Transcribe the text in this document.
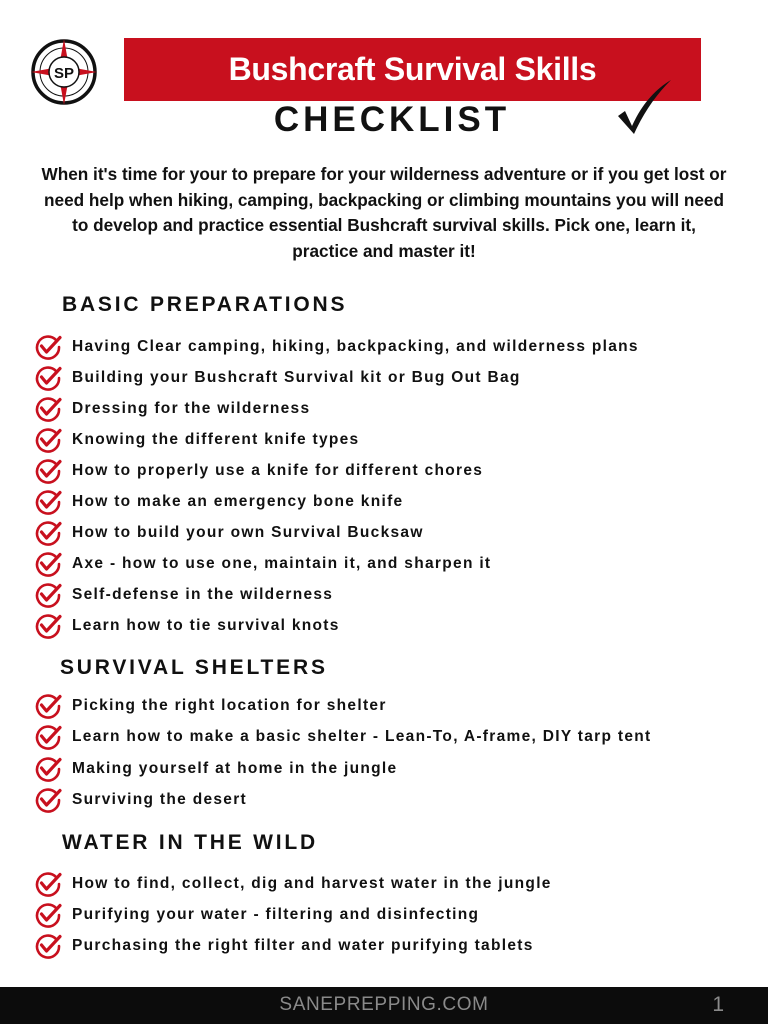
SP	Bushcraft Survival Skills
CHECKLIST
When it's time for your to prepare for your wilderness adventure or if you get lost or need help when hiking, camping, backpacking or climbing mountains you will need to develop and practice essential Bushcraft survival skills. Pick one, learn it, practice and master it!
BASIC PREPARATIONS
SURVIVAL SHELTERS
WATER IN THE WILD
Having Clear camping, hiking, backpacking, and wilderness plans
Building your Bushcraft Survival kit or Bug Out Bag
Dressing for the wilderness
Knowing the different knife types
How to properly use a knife for different chores
How to make an emergency bone knife
How to build your own Survival Bucksaw
Axe - how to use one, maintain it, and sharpen it
Self-defense in the wilderness
Learn how to tie survival knots
Picking the right location for shelter
Learn how to make a basic shelter - Lean-To, A-frame, DIY tarp tent
Making yourself at home in the jungle
Surviving the desert
How to find, collect, dig and harvest water in the jungle
Purifying your water - filtering and disinfecting
Purchasing the right filter and water purifying tablets
SANEPREPPING.COM	1
